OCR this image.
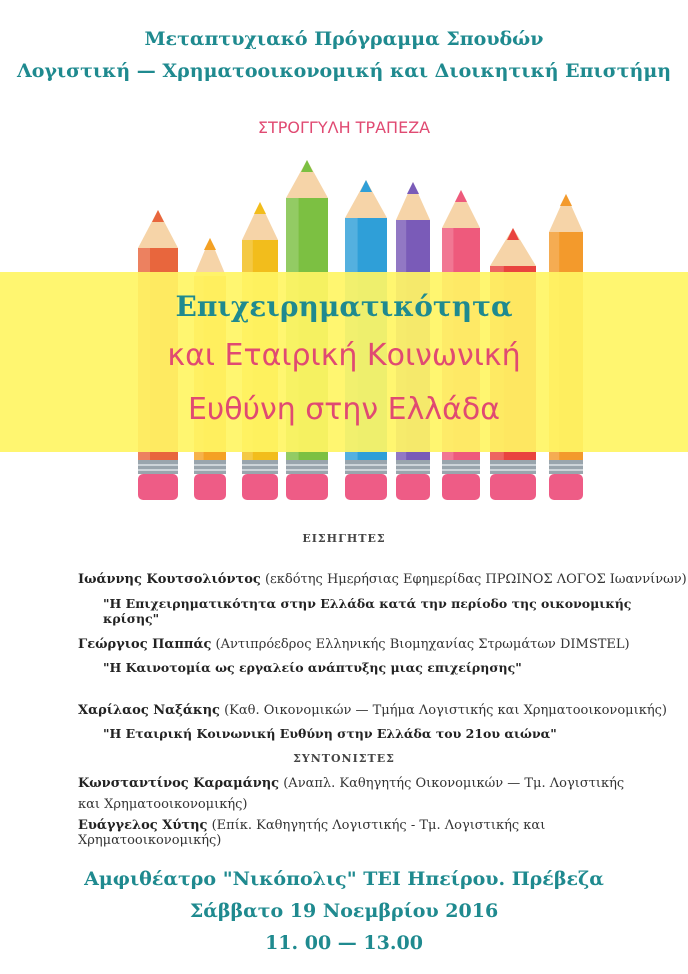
Μεταπτυχιακό Πρόγραμμα Σπουδών
Λογιστική — Χρηματοοικονομική και Διοικητική Επιστήμη
ΣΤΡΟΓΓΥΛΗ ΤΡΑΠΕΖΑ
Επιχειρηματικότητα
και Εταιρική Κοινωνική
Ευθύνη στην Ελλάδα
ΕΙΣΗΓΗΤΕΣ
Ιωάννης Κουτσολιόντος (εκδότης Ημερήσιας Εφημερίδας ΠΡΩΙΝΟΣ ΛΟΓΟΣ Ιωαννίνων)
"Η Επιχειρηματικότητα στην Ελλάδα κατά την περίοδο της οικονομικής κρίσης"
Γεώργιος Παππάς (Αντιπρόεδρος Ελληνικής Βιομηχανίας Στρωμάτων DIMSTEL)
"Η Καινοτομία ως εργαλείο ανάπτυξης μιας επιχείρησης"
Χαρίλαος Ναξάκης (Καθ. Οικονομικών — Τμήμα Λογιστικής και Χρηματοοικονομικής)
"Η Εταιρική Κοινωνική Ευθύνη στην Ελλάδα του 21ου αιώνα"
ΣΥΝΤΟΝΙΣΤΕΣ
Κωνσταντίνος Καραμάνης (Αναπλ. Καθηγητής Οικονομικών — Τμ. Λογιστικής και Χρηματοοικονομικής)
Ευάγγελος Χύτης (Επίκ. Καθηγητής Λογιστικής - Τμ. Λογιστικής και Χρηματοοικονομικής)
Αμφιθέατρο "Νικόπολις" ΤΕΙ Ηπείρου. Πρέβεζα
Σάββατο 19 Νοεμβρίου 2016
11. 00 — 13.00
